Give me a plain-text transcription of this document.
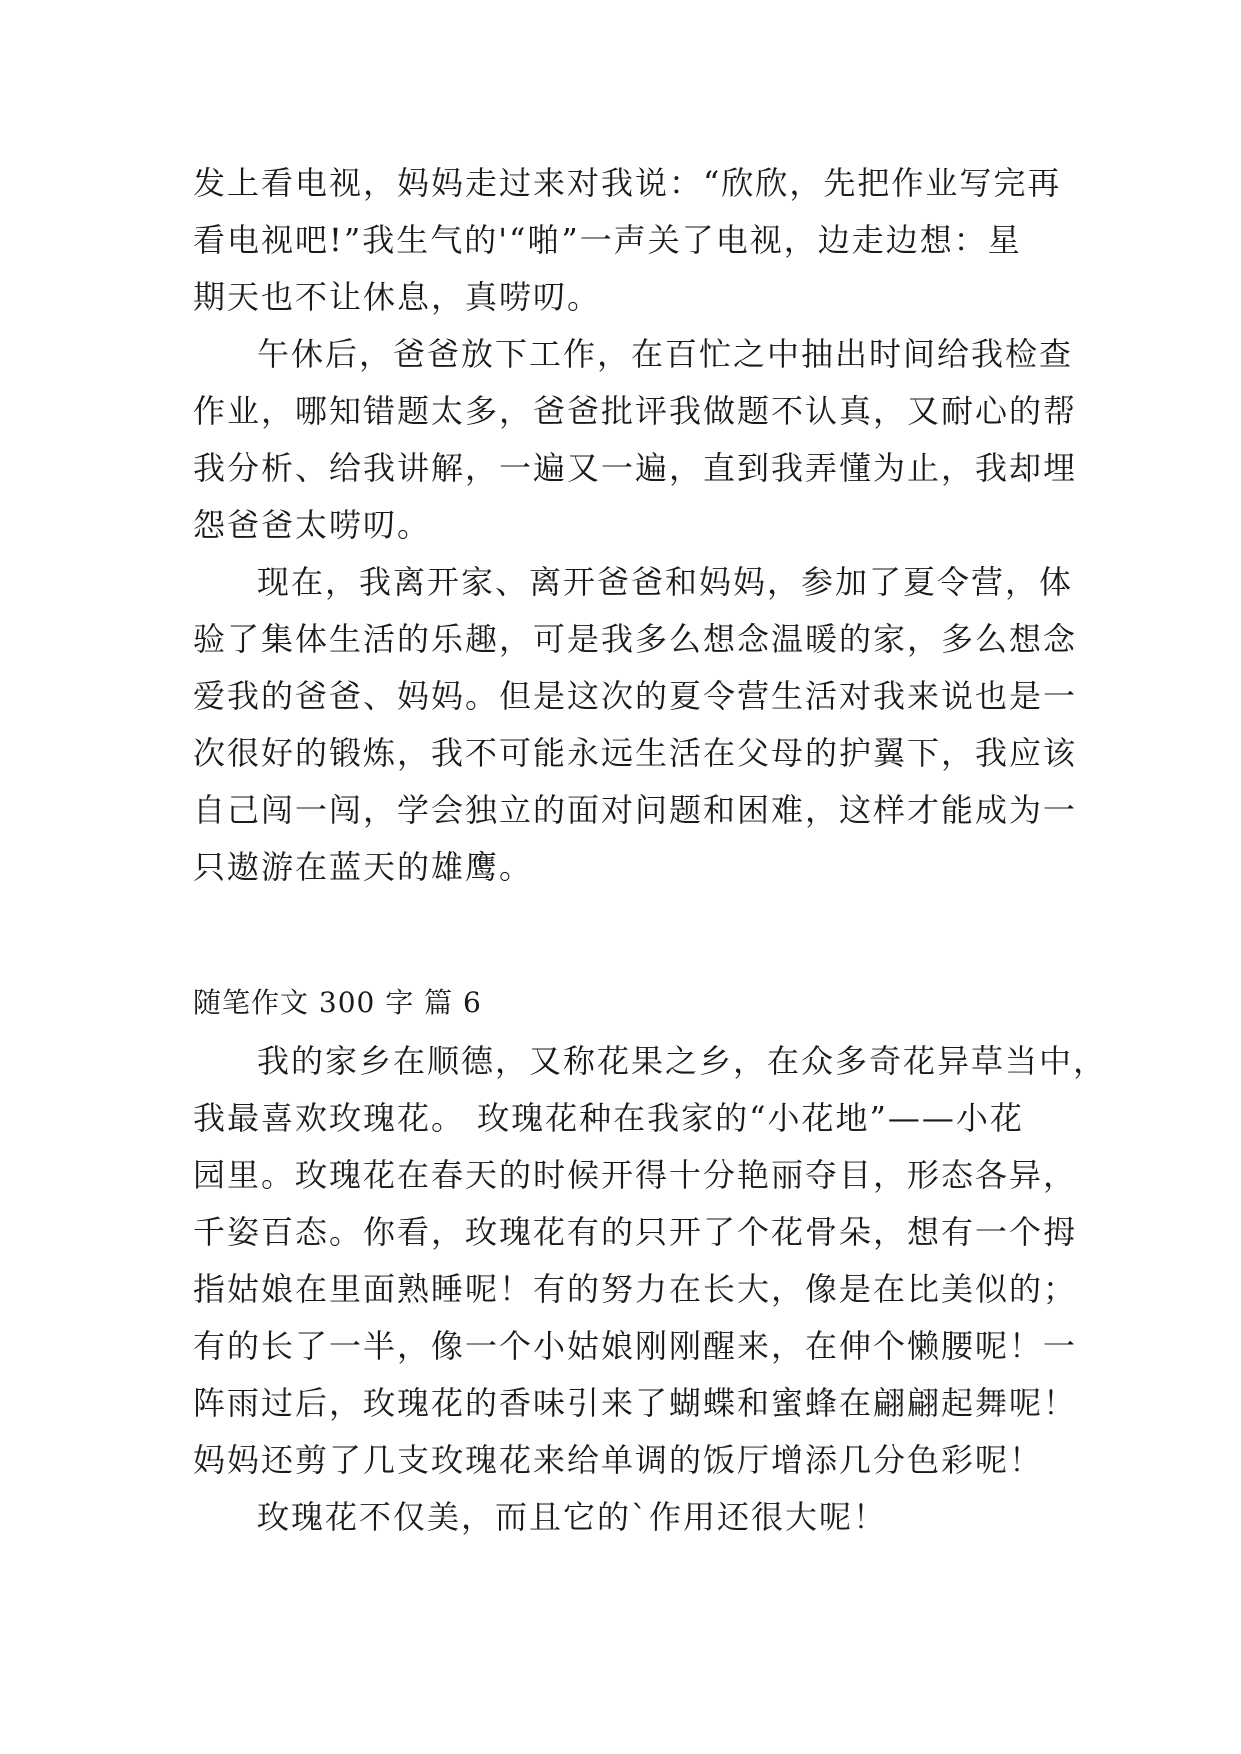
发上看电视，妈妈走过来对我说：“欣欣，先把作业写完再
看电视吧!”我生气的'“啪”一声关了电视，边走边想：星
期天也不让休息，真唠叨。
午休后，爸爸放下工作，在百忙之中抽出时间给我检查
作业，哪知错题太多，爸爸批评我做题不认真，又耐心的帮
我分析、给我讲解，一遍又一遍，直到我弄懂为止，我却埋
怨爸爸太唠叨。
现在，我离开家、离开爸爸和妈妈，参加了夏令营，体
验了集体生活的乐趣，可是我多么想念温暖的家，多么想念
爱我的爸爸、妈妈。但是这次的夏令营生活对我来说也是一
次很好的锻炼，我不可能永远生活在父母的护翼下，我应该
自己闯一闯，学会独立的面对问题和困难，这样才能成为一
只遨游在蓝天的雄鹰。
随笔作文 300 字 篇 6
我的家乡在顺德，又称花果之乡，在众多奇花异草当中，
我最喜欢玫瑰花。 玫瑰花种在我家的“小花地”——小花
园里。玫瑰花在春天的时候开得十分艳丽夺目，形态各异，
千姿百态。你看，玫瑰花有的只开了个花骨朵，想有一个拇
指姑娘在里面熟睡呢！有的努力在长大，像是在比美似的；
有的长了一半，像一个小姑娘刚刚醒来，在伸个懒腰呢！一
阵雨过后，玫瑰花的香味引来了蝴蝶和蜜蜂在翩翩起舞呢！
妈妈还剪了几支玫瑰花来给单调的饭厅增添几分色彩呢！
玫瑰花不仅美，而且它的`作用还很大呢！
